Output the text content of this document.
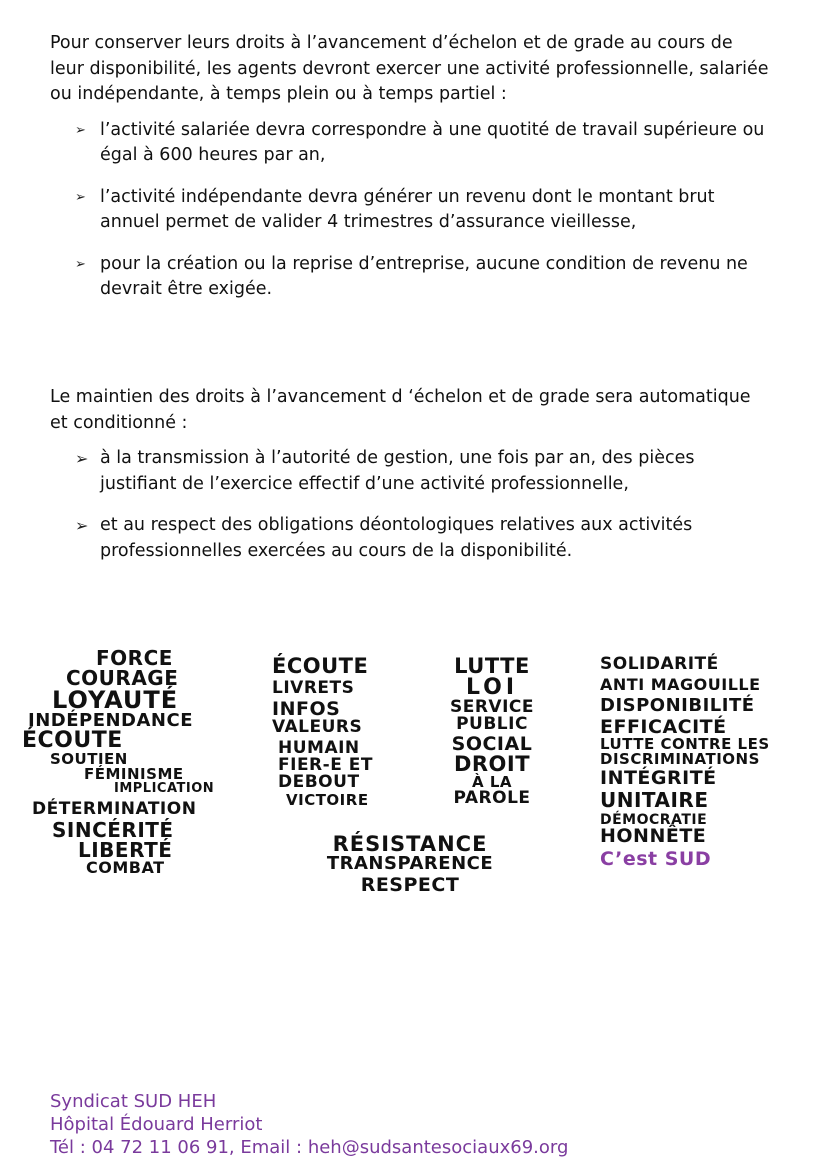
Pour conserver leurs droits à l’avancement d’échelon et de grade au cours de leur disponibilité, les agents devront exercer une activité professionnelle, salariée ou indépendante, à temps plein ou à temps partiel :

➢ l’activité salariée devra correspondre à une quotité de travail supérieure ou égal à 600 heures par an,
➢ l’activité indépendante devra générer un revenu dont le montant brut annuel permet de valider 4 trimestres d’assurance vieillesse,
➢ pour la création ou la reprise d’entreprise, aucune condition de revenu ne devrait être exigée.

Le maintien des droits à l’avancement d ‘échelon et de grade sera automatique et conditionné :

➢ à la transmission à l’autorité de gestion, une fois par an, des pièces justifiant de l’exercice effectif d’une activité professionnelle,
➢ et au respect des obligations déontologiques relatives aux activités professionnelles exercées au cours de la disponibilité.
FORCE
COURAGE
LOYAUTÉ
INDÉPENDANCE
ÉCOUTE
SOUTIEN
FÉMINISME
IMPLICATION
DÉTERMINATION
SINCÉRITÉ
LIBERTÉ
COMBAT
ÉCOUTE
LIVRETS
INFOS
VALEURS
HUMAIN
FIER-E ET
DEBOUT
VICTOIRE
LUTTE
LOI
SERVICE
PUBLIC
SOCIAL
DROIT
À LA
PAROLE
RÉSISTANCE
TRANSPARENCE
RESPECT
SOLIDARITÉ
ANTI MAGOUILLE
DISPONIBILITÉ
EFFICACITÉ
LUTTE CONTRE LES
DISCRIMINATIONS
INTÉGRITÉ
UNITAIRE
DÉMOCRATIE
HONNÊTE
C’est SUD
Syndicat SUD HEH
Hôpital Édouard Herriot
Tél : 04 72 11 06 91, Email : heh@sudsantesociaux69.org
